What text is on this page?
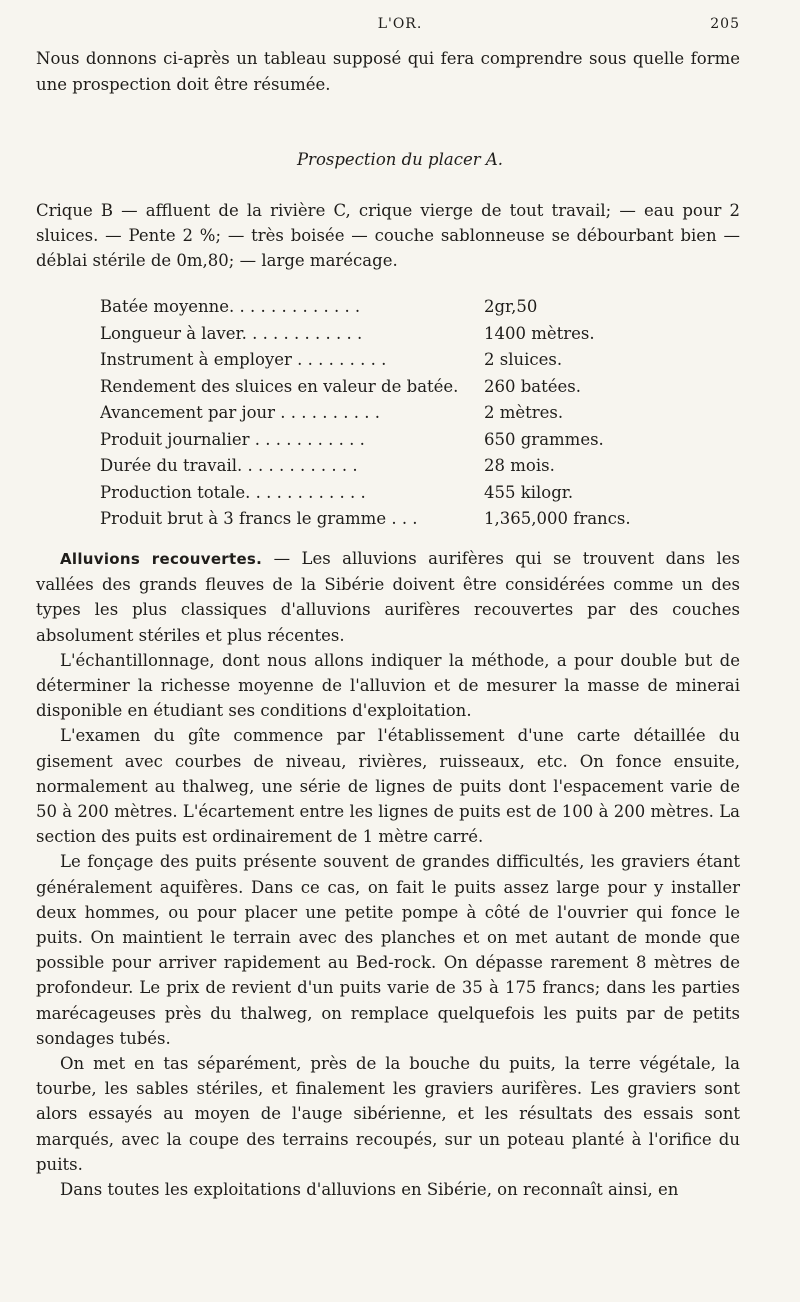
L'OR.	205
Nous donnons ci-après un tableau supposé qui fera comprendre sous quelle forme une prospection doit être résumée.
Prospection du placer A.
Crique B — affluent de la rivière C, crique vierge de tout travail; — eau pour 2 sluices. — Pente 2 %; — très boisée — couche sablonneuse se débourbant bien — déblai stérile de 0m,80; — large marécage.
Batée moyenne. . . . . . . . . . . . .	2gr,50
Longueur à laver. . . . . . . . . . . .	1400 mètres.
Instrument à employer . . . . . . . . .	2 sluices.
Rendement des sluices en valeur de batée.	260 batées.
Avancement par jour . . . . . . . . . .	2 mètres.
Produit journalier . . . . . . . . . . .	650 grammes.
Durée du travail. . . . . . . . . . . .	28 mois.
Production totale. . . . . . . . . . . .	455 kilogr.
Produit brut à 3 francs le gramme . . .	1,365,000 francs.

Alluvions recouvertes. — Les alluvions aurifères qui se trouvent dans les vallées des grands fleuves de la Sibérie doivent être considérées comme un des types les plus classiques d'alluvions aurifères recouvertes par des couches absolument stériles et plus récentes.

L'échantillonnage, dont nous allons indiquer la méthode, a pour double but de déterminer la richesse moyenne de l'alluvion et de mesurer la masse de minerai disponible en étudiant ses conditions d'exploitation.

L'examen du gîte commence par l'établissement d'une carte détaillée du gisement avec courbes de niveau, rivières, ruisseaux, etc. On fonce ensuite, normalement au thalweg, une série de lignes de puits dont l'espacement varie de 50 à 200 mètres. L'écartement entre les lignes de puits est de 100 à 200 mètres. La section des puits est ordinairement de 1 mètre carré.

Le fonçage des puits présente souvent de grandes difficultés, les graviers étant généralement aquifères. Dans ce cas, on fait le puits assez large pour y installer deux hommes, ou pour placer une petite pompe à côté de l'ouvrier qui fonce le puits. On maintient le terrain avec des planches et on met autant de monde que possible pour arriver rapidement au Bed-rock. On dépasse rarement 8 mètres de profondeur. Le prix de revient d'un puits varie de 35 à 175 francs; dans les parties marécageuses près du thalweg, on remplace quelquefois les puits par de petits sondages tubés.

On met en tas séparément, près de la bouche du puits, la terre végétale, la tourbe, les sables stériles, et finalement les graviers aurifères. Les graviers sont alors essayés au moyen de l'auge sibérienne, et les résultats des essais sont marqués, avec la coupe des terrains recoupés, sur un poteau planté à l'orifice du puits.

Dans toutes les exploitations d'alluvions en Sibérie, on reconnaît ainsi, en
